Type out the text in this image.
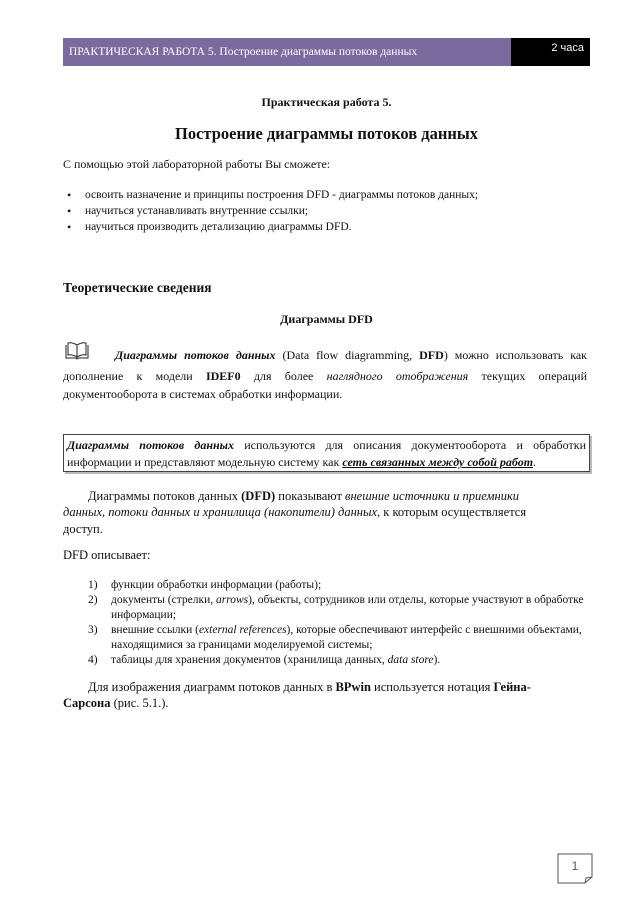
ПРАКТИЧЕСКАЯ РАБОТА 5. Построение диаграммы потоков данных	2 часа
Практическая работа 5.
Построение диаграммы потоков данных
С помощью этой лабораторной работы Вы сможете:
• освоить назначение и принципы построения DFD - диаграммы потоков данных;
• научиться устанавливать внутренние ссылки;
• научиться производить детализацию диаграммы DFD.
Теоретические сведения
Диаграммы DFD
Диаграммы потоков данных (Data flow diagramming, DFD) можно использовать как
дополнение к модели IDEF0 для более наглядного отображения текущих операций
документооборота в системах обработки информации.
Диаграммы потоков данных используются для описания документооборота и обработки
информации и представляют модельную систему как сеть связанных между собой работ.
Диаграммы потоков данных (DFD) показывают внешние источники и приемники
данных, потоки данных и хранилища (накопители) данных, к которым осуществляется
доступ.
DFD описывает:
1) функции обработки информации (работы);
2) документы (стрелки, arrows), объекты, сотрудников или отделы, которые участвуют в обработке информации;
3) внешние ссылки (external references), которые обеспечивают интерфейс с внешними объектами, находящимися за границами моделируемой системы;
4) таблицы для хранения документов (хранилища данных, data store).
Для изображения диаграмм потоков данных в BPwin используется нотация Гейна-
Сарсона (рис. 5.1.).
1
